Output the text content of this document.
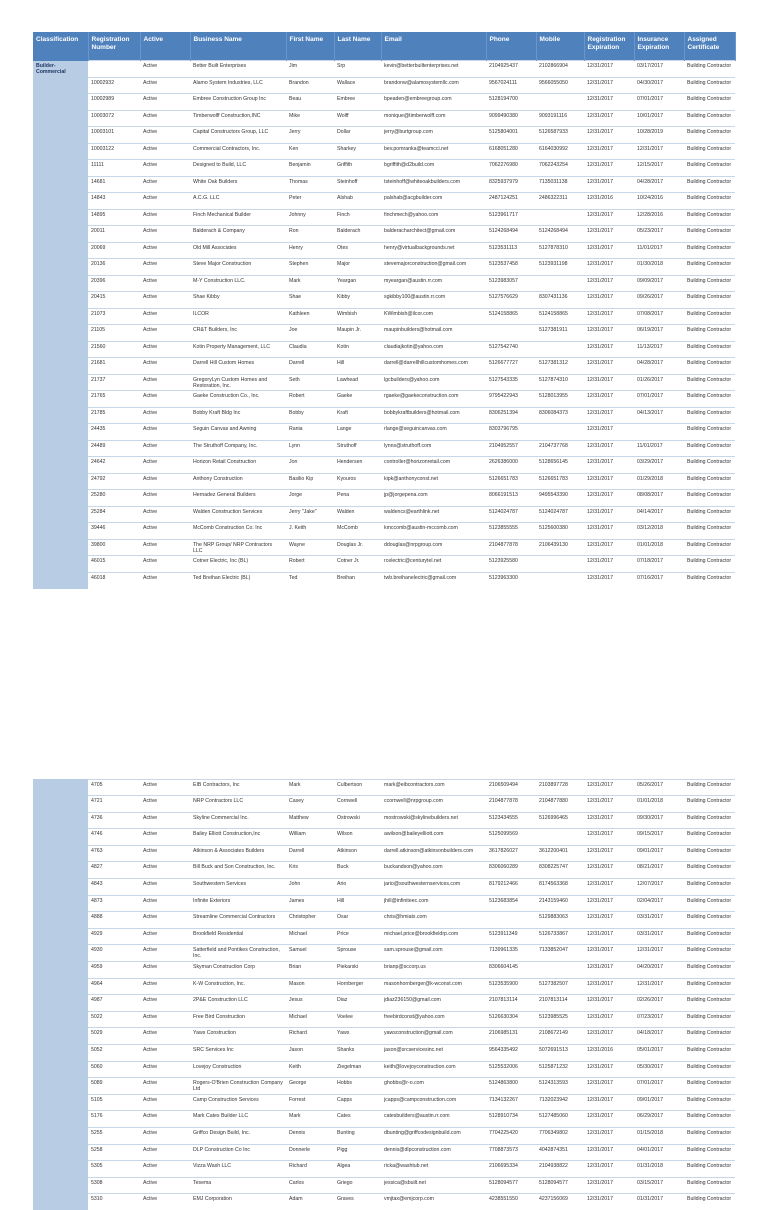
Classification	Registration Number	Active	Business Name	First Name	Last Name	Email	Phone	Mobile	Registration Expiration	Insurance Expiration	Assigned Certificate
Builder- Commercial		Active	Better Built Enterprises	Jim	Srp	kevin@betterbuiltenterprises.net	2104925437	2102866904	12/31/2017	03/17/2017	Building Contractor
	10002932	Active	Alamo System Industries, LLC	Brandon	Wallace	brandonw@alamosystemllc.com	9567024111	9566055050	12/31/2017	04/30/2017	Building Contractor
	10002989	Active	Embree Construction Group Inc	Beau	Embree	bpeaden@embreegroup.com	5128194700		12/31/2017	07/01/2017	Building Contractor
	10003072	Active	Timberwolff Construction,INC	Mike	Wolff	monique@timberwolff.com	9099490380	9093191116	12/31/2017	10/01/2017	Building Contractor
	10003101	Active	Capital Constructors Group, LLC	Jerry	Dollar	jerry@burtgroup.com	5125804001	5126587933	12/31/2017	10/28/2019	Building Contractor
	10003122	Active	Commercial Contractors, Inc.	Ken	Sharkey	bev.pomranka@teamcci.net	6168051280	6164030992	12/31/2017	12/31/2017	Building Contractor
	11111	Active	Designed to Build, LLC	Benjamin	Griffith	bgriffith@d2build.com	7062276980	7062243254	12/31/2017	12/15/2017	Building Contractor
	14681	Active	White Oak Builders	Thomas	Steinhoff	tsteinhoff@whiteoakbuilders.com	8325937979	7135031138	12/31/2017	04/28/2017	Building Contractor
	14843	Active	A.C.G. LLC	Peter	Alshab	palshab@acgbuilder.com	2487124251	2486322311	12/31/2016	10/24/2016	Building Contractor
	14895	Active	Finch Mechanical Builder	Johnny	Finch	finchmech@yahoo.com	5123961717		12/31/2017	12/28/2016	Building Contractor
	20011	Active	Balderach & Company	Ron	Balderach	balderacharchitect@gmail.com	5124268494	5124268494	12/31/2017	05/23/2017	Building Contractor
	20069	Active	Old Mill Associates	Henry	Otes	henry@virtualbackgrounds.net	5123531113	5127878310	12/31/2017	11/01/2017	Building Contractor
	20136	Active	Steve Major Construction	Stephen	Major	stevemajorconstruction@gmail.com	5123537458	5123931198	12/31/2017	01/30/2018	Building Contractor
	20396	Active	M-Y Construction LLC.	Mark	Yeargan	myeargan@austin.rr.com	5123983057		12/31/2017	09/09/2017	Building Contractor
	20415	Active	Shae Kibby	Shae	Kibby	sgkibby100@austin.rr.com	5127576629	8307431136	12/31/2017	09/26/2017	Building Contractor
	21073	Active	ILCOR	Kathleen	Wimbish	KWimbish@ilcor.com	5124158865	5124158865	12/31/2017	07/08/2017	Building Contractor
	21105	Active	CR&T Builders, Inc	Joe	Maupin Jr.	maupinbuilders@hotmail.com		5127381911	12/31/2017	06/19/2017	Building Contractor
	21560	Active	Kotin Property Management, LLC	Claudia	Kotin	claudiajkotin@yahoo.com	5127542740		12/31/2017	11/13/2017	Building Contractor
	21681	Active	Darrell Hill Custom Homes	Darrell	Hill	darrell@darrellhillcustomhomes.com	5126677727	5127381312	12/31/2017	04/28/2017	Building Contractor
	21737	Active	GregoryLyn Custom Homes and Restoration, Inc.	Seth	Lawhead	lgcbuilders@yahoo.com	5127543335	5127874310	12/31/2017	01/26/2017	Building Contractor
	21765	Active	Gaeke Construction Co., Inc.	Robert	Gaeke	rgaeke@gaekeconstruction.com	9795422943	5128013955	12/31/2017	07/01/2017	Building Contractor
	21785	Active	Bobby Kraft Bldg Inc	Bobby	Kraft	bobbykraftbuilders@hotmail.com	8306251394	8306084373	12/31/2017	04/13/2017	Building Contractor
	24435	Active	Seguin Canvas and Awning	Rania	Lange	rlange@seguincanvas.com	8303796795		12/31/2017		Building Contractor
	24489	Active	The Struthoff Company, Inc.	Lynn	Struthoff	lynns@struthoff.com	2104952557	2104737768	12/31/2017	11/01/2017	Building Contractor
	24642	Active	Horizon Retail Construction	Jon	Hendersen	controller@horizonretail.com	2626386000	5128656145	12/31/2017	03/29/2017	Building Contractor
	24792	Active	Anthony Construction	Basilio Kip	Kyouros	kipk@anthonyconst.net	5126651783	5126651783	12/31/2017	01/29/2018	Building Contractor
	25280	Active	Hernadez General Builders	Jorge	Pena	jp@jorgepena.com	8066191513	9495543390	12/31/2017	08/08/2017	Building Contractor
	25284	Active	Walden Construction Services	Jerry "Jake"	Walden	waldencs@earthlink.net	5124024787	5124024787	12/31/2017	04/14/2017	Building Contractor
	39446	Active	McComb Construction Co. Inc	J. Keith	McComb	kmccomb@austin-mccomb.com	5123855555	5125600380	12/31/2017	03/12/2018	Building Contractor
	39800	Active	The NRP Group/ NRP Contractors LLC	Wayne	Douglas Jr.	ddouglas@nrpgroup.com	2104877878	2106439130	12/31/2017	01/01/2018	Building Contractor
	46015	Active	Cotner Electric, Inc (BL)	Robert	Cotner Jr.	rcelectric@centurytel.net	5123925580		12/31/2017	07/18/2017	Building Contractor
	46018	Active	Ted Breihan Electric (BL)	Ted	Breihan	twb.breihanelectric@gmail.com	5123963300		12/31/2017	07/16/2017	Building Contractor
	4705	Active	EIB Contractors, Inc	Mark	Culbertson	mark@eibcontractors.com	2106509494	2103897728	12/31/2017	05/26/2017	Building Contractor
	4721	Active	NRP Contractors LLC	Casey	Cornwell	ccornwell@nrpgroup.com	2104877878	2104877880	12/31/2017	01/01/2018	Building Contractor
	4736	Active	Skyline Commercial Inc.	Matthew	Ostrowski	mostrowski@skylinebuilders.net	5123434555	5126996465	12/31/2017	09/30/2017	Building Contractor
	4746	Active	Bailey Elliott Construction,Inc	William	Wilson	awilson@baileyelliott.com	5125099569		12/31/2017	09/15/2017	Building Contractor
	4763	Active	Atkinson & Associates Builders	Darrell	Atkinson	darrell.atkinson@atkinsonbuilders.com	3617826027	3612200401	12/31/2017	09/01/2017	Building Contractor
	4827	Active	Bill Buck and Son Construction, Inc.	Kris	Buck	buckandson@yahoo.com	8306060289	8308225747	12/31/2017	08/21/2017	Building Contractor
	4843	Active	Southwestern Services	John	Ario	jario@southwesternservices.com	8179212466	8174563368	12/31/2017	12/07/2017	Building Contractor
	4873	Active	Infinite Exteriors	James	Hill	jhill@infiniteec.com	5123683854	2143159460	12/31/2017	02/04/2017	Building Contractor
	4888	Active	Streamline Commercial Contractors	Christopher	Osar	chris@hmiatx.com		5129883063	12/31/2017	03/31/2017	Building Contractor
	4929	Active	Brookfield Residential	Michael	Price	michael.price@brookfieldrp.com	5123911349	5126733867	12/31/2017	03/31/2017	Building Contractor
	4930	Active	Satterfield and Pontikes Construction, Inc.	Samuel	Sprouse	sam.sprouse@gmail.com	7139961335	7133852047	12/31/2017	12/31/2017	Building Contractor
	4959	Active	Skyman Construction Corp	Brian	Piekarski	brianp@sccorp.us	8306604145		12/31/2017	04/20/2017	Building Contractor
	4964	Active	K-W Construction, Inc.	Mason	Hornberger	masonhornberger@k-wconst.com	5123535900	5127382507	12/31/2017	12/31/2017	Building Contractor
	4987	Active	2P&E Construction LLC	Jesus	Diaz	jdiaz236150@gmail.com	2107813114	2107813114	12/31/2017	02/26/2017	Building Contractor
	5022	Active	Free Bird Construction	Michael	Voelee	freebirdconst@yahoo.com	5126630304	5123985525	12/31/2017	07/23/2017	Building Contractor
	5029	Active	Yaws Construction	Richard	Yaws	yawsconstruction@gmail.com	2106985131	2108672149	12/31/2017	04/18/2017	Building Contractor
	5052	Active	SRC Services Inc	Jason	Shanks	jason@srcservicesinc.net	9564335492	5072691513	12/31/2016	05/01/2017	Building Contractor
	5060	Active	Lovejoy Construction	Keith	Ziegelman	keith@lovejoyconstruction.com	5125532006	5125871232	12/31/2017	05/30/2017	Building Contractor
	5089	Active	Rogers-O'Brien Construction Company Ltd	George	Hobbs	ghobbs@r-o.com	5124863800	5124313593	12/31/2017	07/01/2017	Building Contractor
	5105	Active	Camp Construction Services	Forrest	Capps	jcapps@campconstruction.com	7134132267	7132023942	12/31/2017	09/01/2017	Building Contractor
	5176	Active	Mark Cates Builder LLC	Mark	Cates	catesbuilders@austin.rr.com	5128910734	5127485060	12/31/2017	06/29/2017	Building Contractor
	5255	Active	Griffco Design Build, Inc.	Dennis	Bunting	dbunting@griffcodesignbuild.com	7704225420	7706349802	12/31/2017	01/15/2018	Building Contractor
	5258	Active	DLP Construction Co Inc	Donnerle	Pigg	dennis@dlpconstruction.com	7708873573	4042874351	12/31/2017	04/01/2017	Building Contractor
	5305	Active	Vizza Wash LLC	Richard	Algea	ricka@washtub.net	2106695334	2104938822	12/31/2017	01/31/2018	Building Contractor
	5308	Active	Tesema	Carlos	Griego	jessica@sbuilt.net	5128094577	5128094577	12/31/2017	03/15/2017	Building Contractor
	5310	Active	EMJ Corporation	Adam	Graves	vmjtax@emjcorp.com	4238551550	4237156069	12/31/2017	01/31/2017	Building Contractor
